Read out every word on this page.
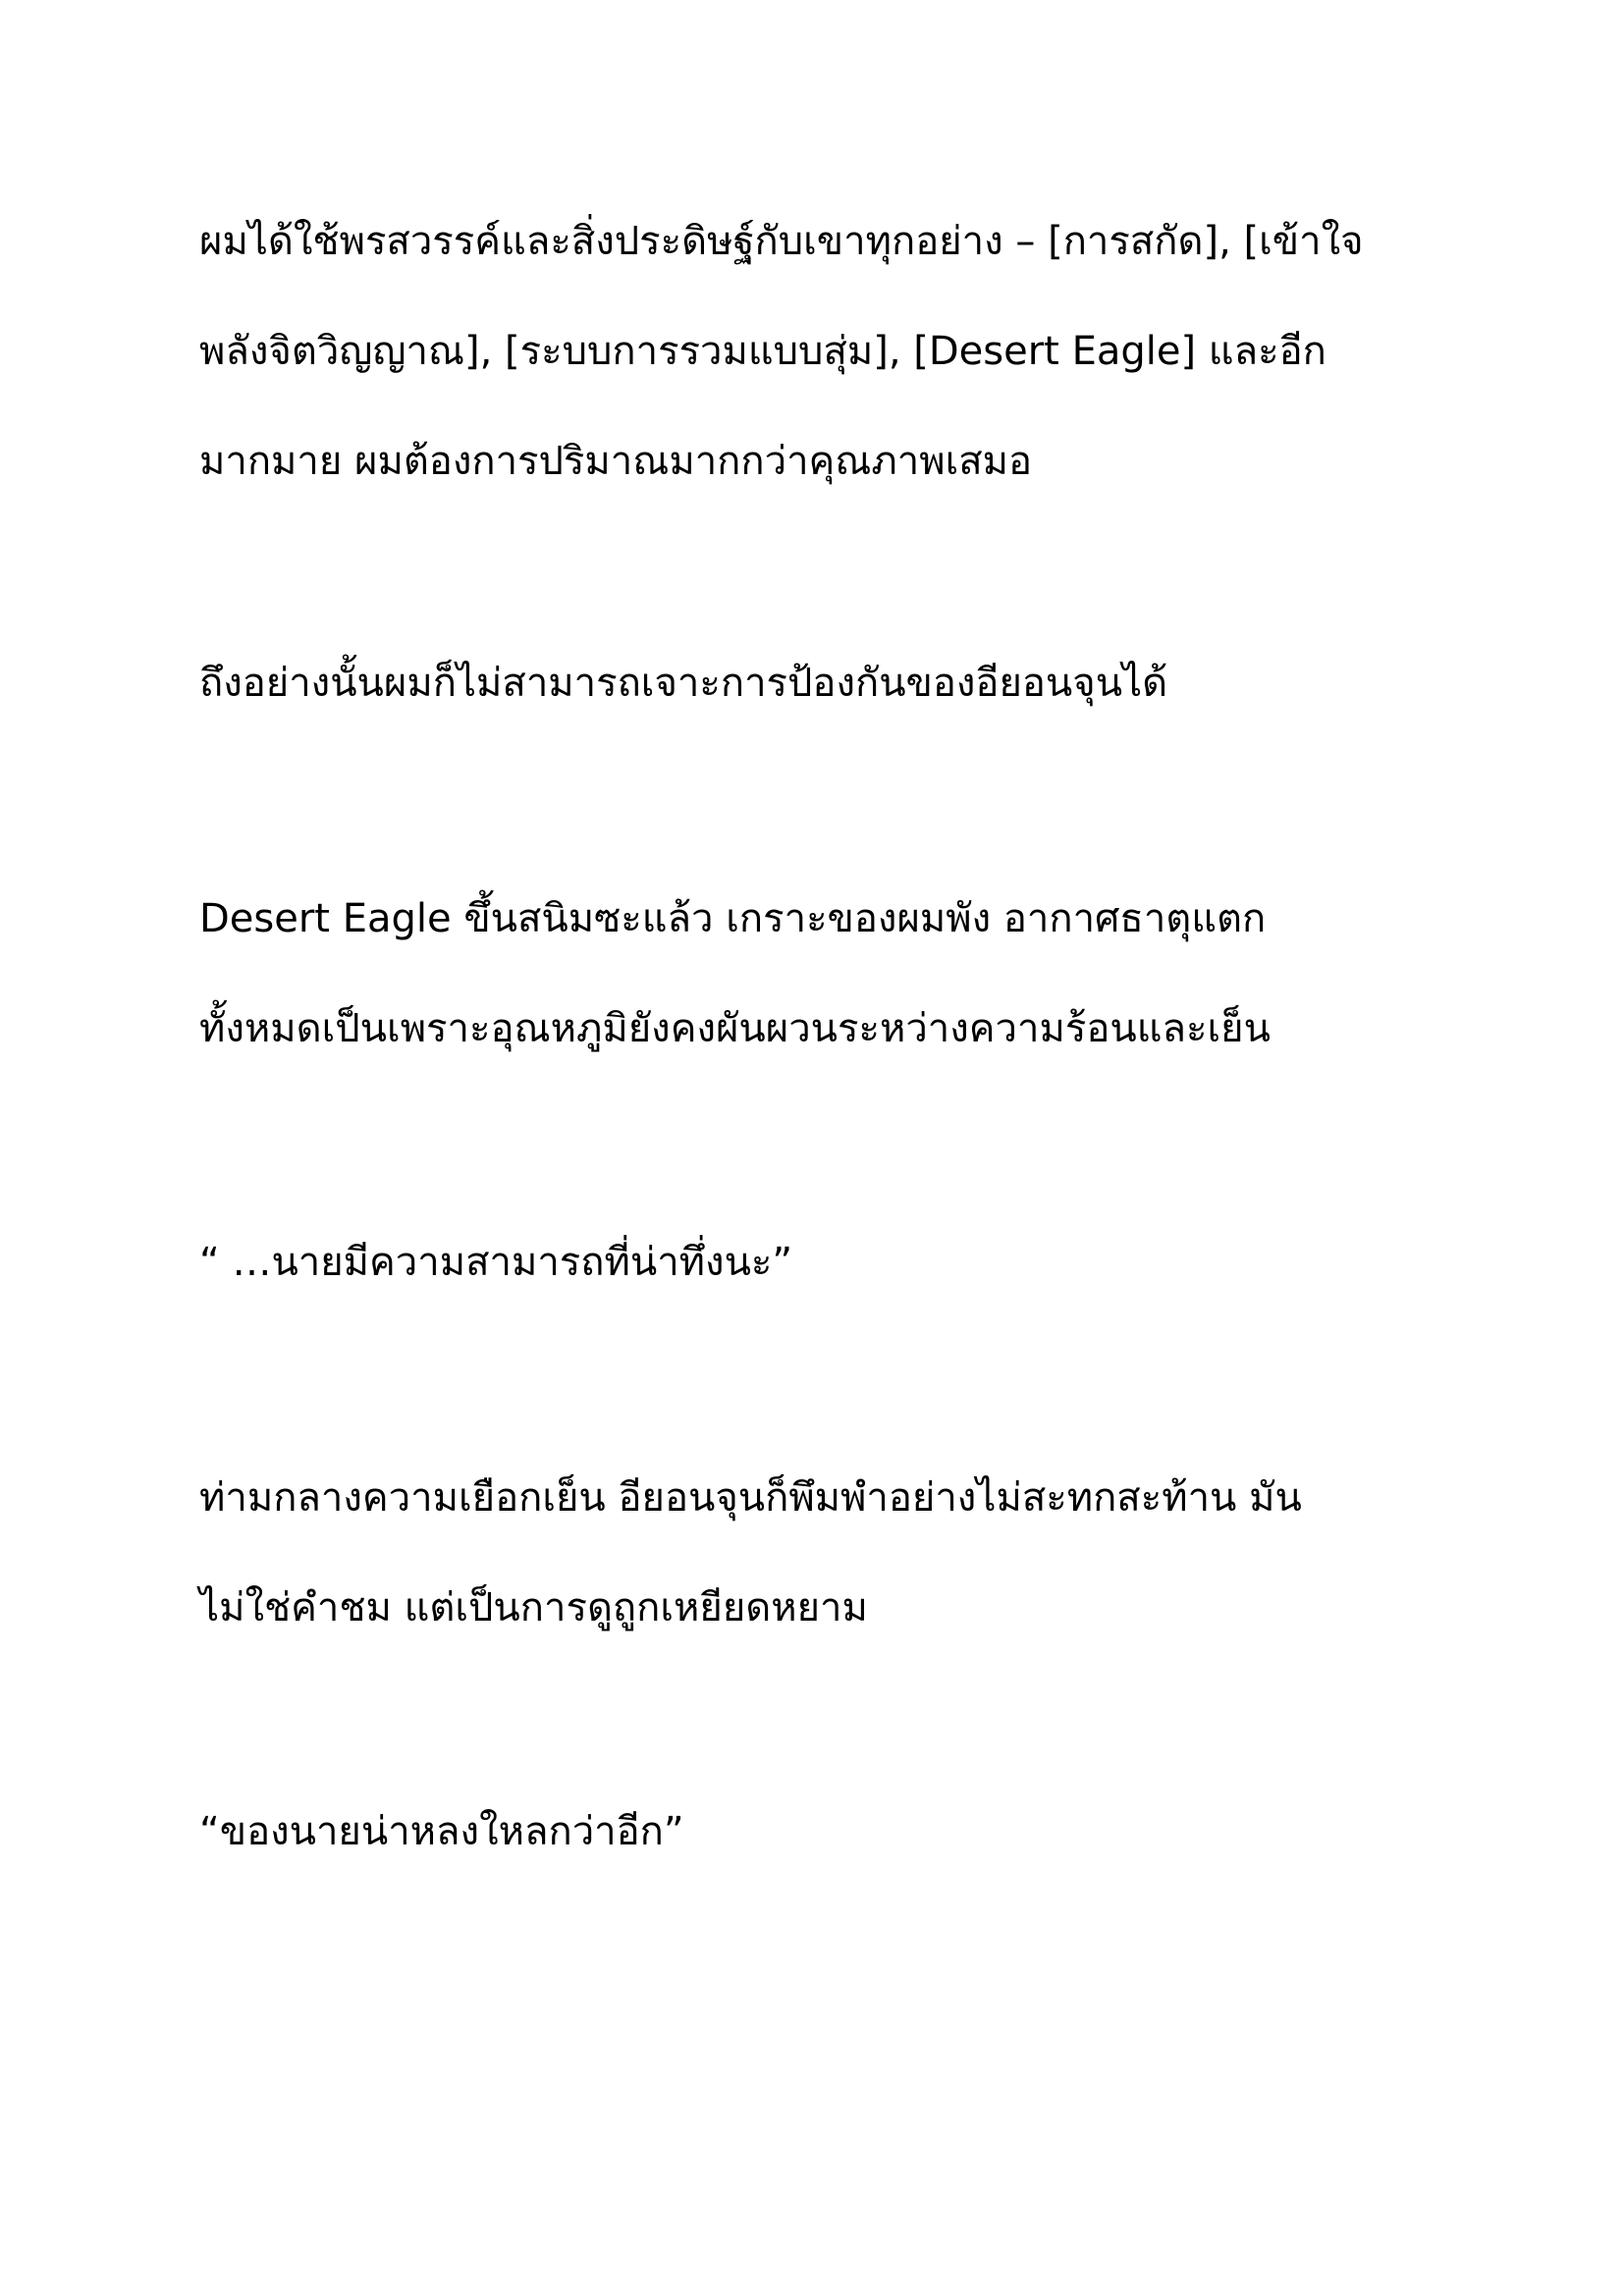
ผมได้ใช้พรสวรรค์และสิ่งประดิษฐ์กับเขาทุกอย่าง – [การสกัด], [เข้าใจ
พลังจิตวิญญาณ], [ระบบการรวมแบบสุ่ม], [Desert Eagle] และอีก
มากมาย ผมต้องการปริมาณมากกว่าคุณภาพเสมอ

ถึงอย่างนั้นผมก็ไม่สามารถเจาะการป้องกันของอียอนจุนได้

Desert Eagle ขึ้นสนิมซะแล้ว เกราะของผมพัง อากาศธาตุแตก
ทั้งหมดเป็นเพราะอุณหภูมิยังคงผันผวนระหว่างความร้อนและเย็น

“ …นายมีความสามารถที่น่าทึ่งนะ”

ท่ามกลางความเยือกเย็น อียอนจุนก็พึมพำอย่างไม่สะทกสะท้าน มัน
ไม่ใช่คำชม แต่เป็นการดูถูกเหยียดหยาม

“ของนายน่าหลงใหลกว่าอีก”
